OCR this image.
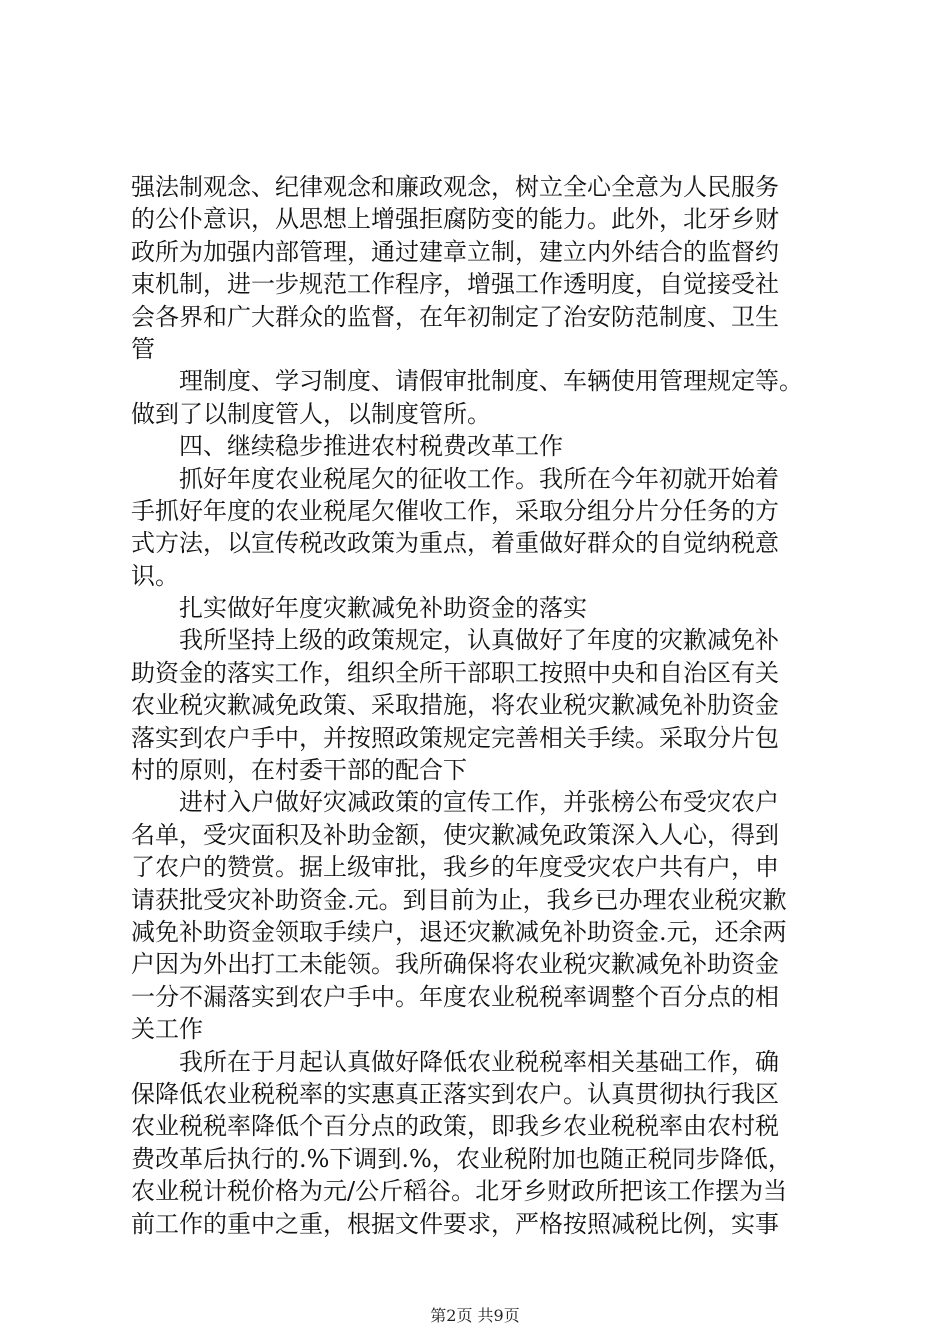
强法制观念、纪律观念和廉政观念，树立全心全意为人民服务
的公仆意识，从思想上增强拒腐防变的能力。此外，北牙乡财
政所为加强内部管理，通过建章立制，建立内外结合的监督约
束机制，进一步规范工作程序，增强工作透明度，自觉接受社
会各界和广大群众的监督，在年初制定了治安防范制度、卫生
管
　　理制度、学习制度、请假审批制度、车辆使用管理规定等。
做到了以制度管人，以制度管所。
　　四、继续稳步推进农村税费改革工作
　　抓好年度农业税尾欠的征收工作。我所在今年初就开始着
手抓好年度的农业税尾欠催收工作，采取分组分片分任务的方
式方法，以宣传税改政策为重点，着重做好群众的自觉纳税意
识。
　　扎实做好年度灾歉减免补助资金的落实
　　我所坚持上级的政策规定，认真做好了年度的灾歉减免补
助资金的落实工作，组织全所干部职工按照中央和自治区有关
农业税灾歉减免政策、采取措施，将农业税灾歉减免补肋资金
落实到农户手中，并按照政策规定完善相关手续。采取分片包
村的原则，在村委干部的配合下
　　进村入户做好灾减政策的宣传工作，并张榜公布受灾农户
名单，受灾面积及补助金额，使灾歉减免政策深入人心，得到
了农户的赞赏。据上级审批，我乡的年度受灾农户共有户，申
请获批受灾补助资金.元。到目前为止，我乡已办理农业税灾歉
减免补助资金领取手续户，退还灾歉减免补助资金.元，还余两
户因为外出打工未能领。我所确保将农业税灾歉减免补助资金
一分不漏落实到农户手中。年度农业税税率调整个百分点的相
关工作
　　我所在于月起认真做好降低农业税税率相关基础工作，确
保降低农业税税率的实惠真正落实到农户。认真贯彻执行我区
农业税税率降低个百分点的政策，即我乡农业税税率由农村税
费改革后执行的.%下调到.%，农业税附加也随正税同步降低，
农业税计税价格为元/公斤稻谷。北牙乡财政所把该工作摆为当
前工作的重中之重，根据文件要求，严格按照减税比例，实事
第2页 共9页
